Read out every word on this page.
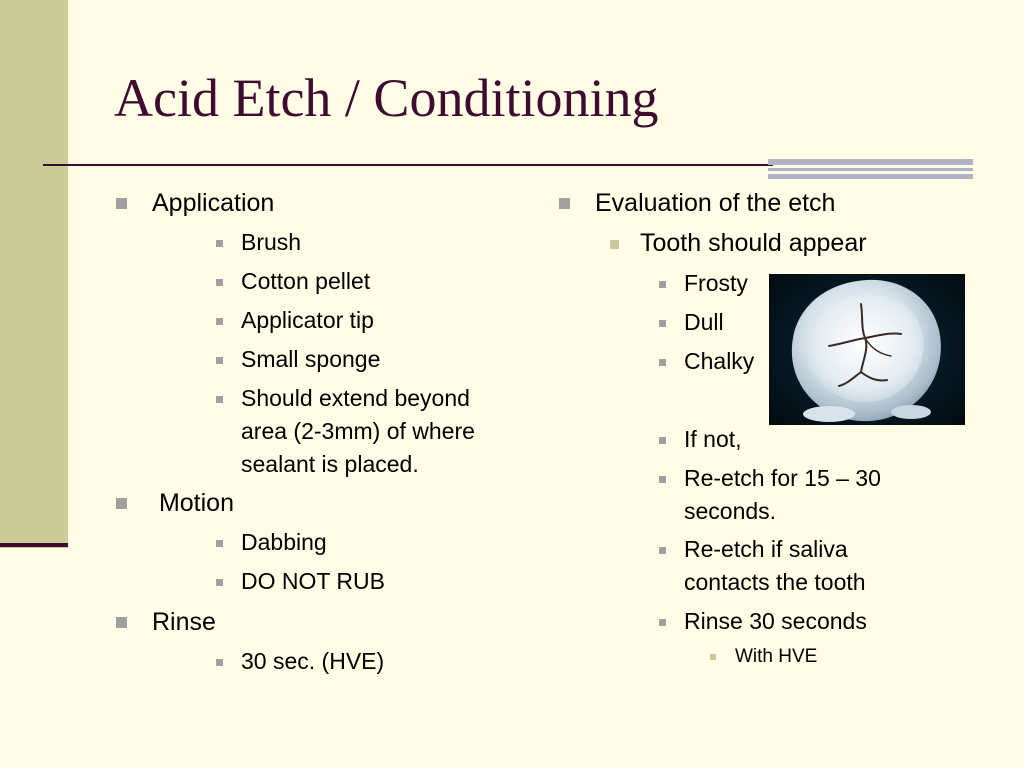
Acid Etch / Conditioning
Application
Brush
Cotton pellet
Applicator tip
Small sponge
Should extend beyond
area (2-3mm) of where
sealant is placed.
Motion
Dabbing
DO NOT RUB
Rinse
30 sec. (HVE)
Evaluation of the etch
Tooth should appear
Frosty
Dull
Chalky
If not,
Re-etch for 15 – 30
seconds.
Re-etch if saliva
contacts the tooth
Rinse 30 seconds
With HVE
